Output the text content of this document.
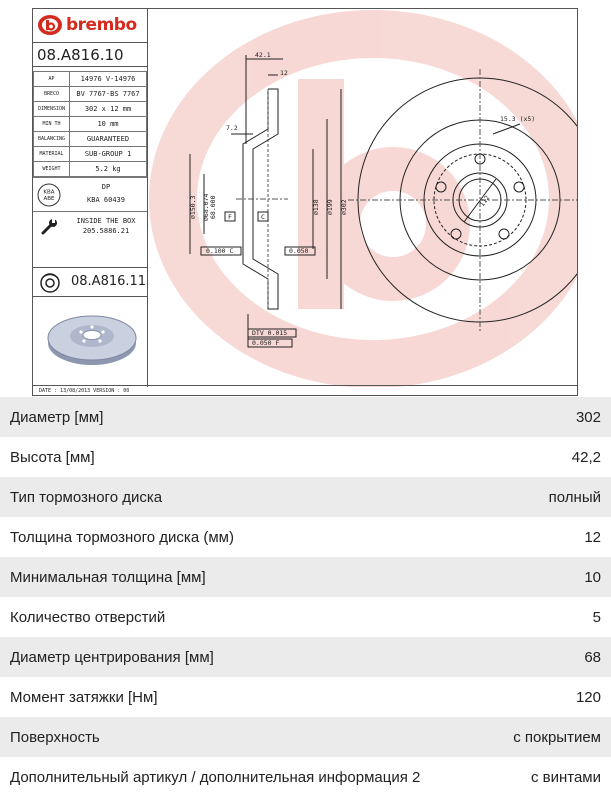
brembo
08.A816.10
AP	14976 V-14976
BRECO	BV 7767-BS 7767
DIMENSION	302 x 12 mm
MIN TH	10 mm
BALANCING	GUARANTEED
MATERIAL	SUB-GROUP 1
WEIGHT	5.2 kg
KBA
ABE
DP
KBA 60439
INSIDE THE BOX
205.5886.21
08.A816.11
42.1
12
7.2
F	C
0.100 C	0.050
DTV 0.015
0.050 F
∅150.3 ∅68.074 68.000	∅138 ∅199 ∅302
15.3 (x5)
112
DATE : 13/08/2013 VERSION : 00
Диаметр [мм]	302
Высота [мм]	42,2
Тип тормозного диска	полный
Толщина тормозного диска (мм)	12
Минимальная толщина [мм]	10
Количество отверстий	5
Диаметр центрирования [мм]	68
Момент затяжки [Нм]	120
Поверхность	с покрытием
Дополнительный артикул / дополнительная информация 2	с винтами
